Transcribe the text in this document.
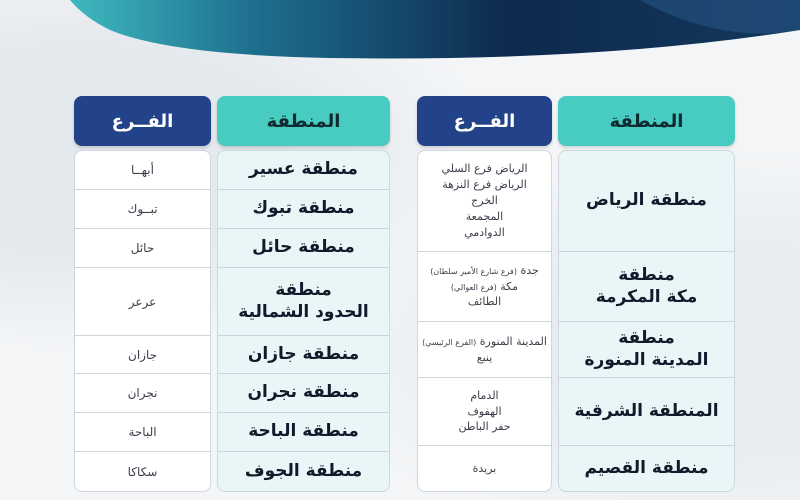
الفــرع	المنطقة
أبهــا
تبــوك
حائل
عرعر
جازان
نجران
الباحة
سكاكا
منطقة عسير
منطقة تبوك
منطقة حائل
منطقة
الحدود الشمالية
منطقة جازان
منطقة نجران
منطقة الباحة
منطقة الجوف
الفــرع	المنطقة
الرياض فرع السلي
الرياض فرع النزهة
الخرج
المجمعة
الدوادمي
جدة (فرع شارع الأمير سلطان)
مكة (فرع العوالي)
الطائف
المدينة المنورة (الفرع الرئيسي)
ينبع
الدمام
الهفوف
حفر الباطن
بريدة
منطقة الرياض
منطقة
مكة المكرمة
منطقة
المدينة المنورة
المنطقة الشرقية
منطقة القصيم
